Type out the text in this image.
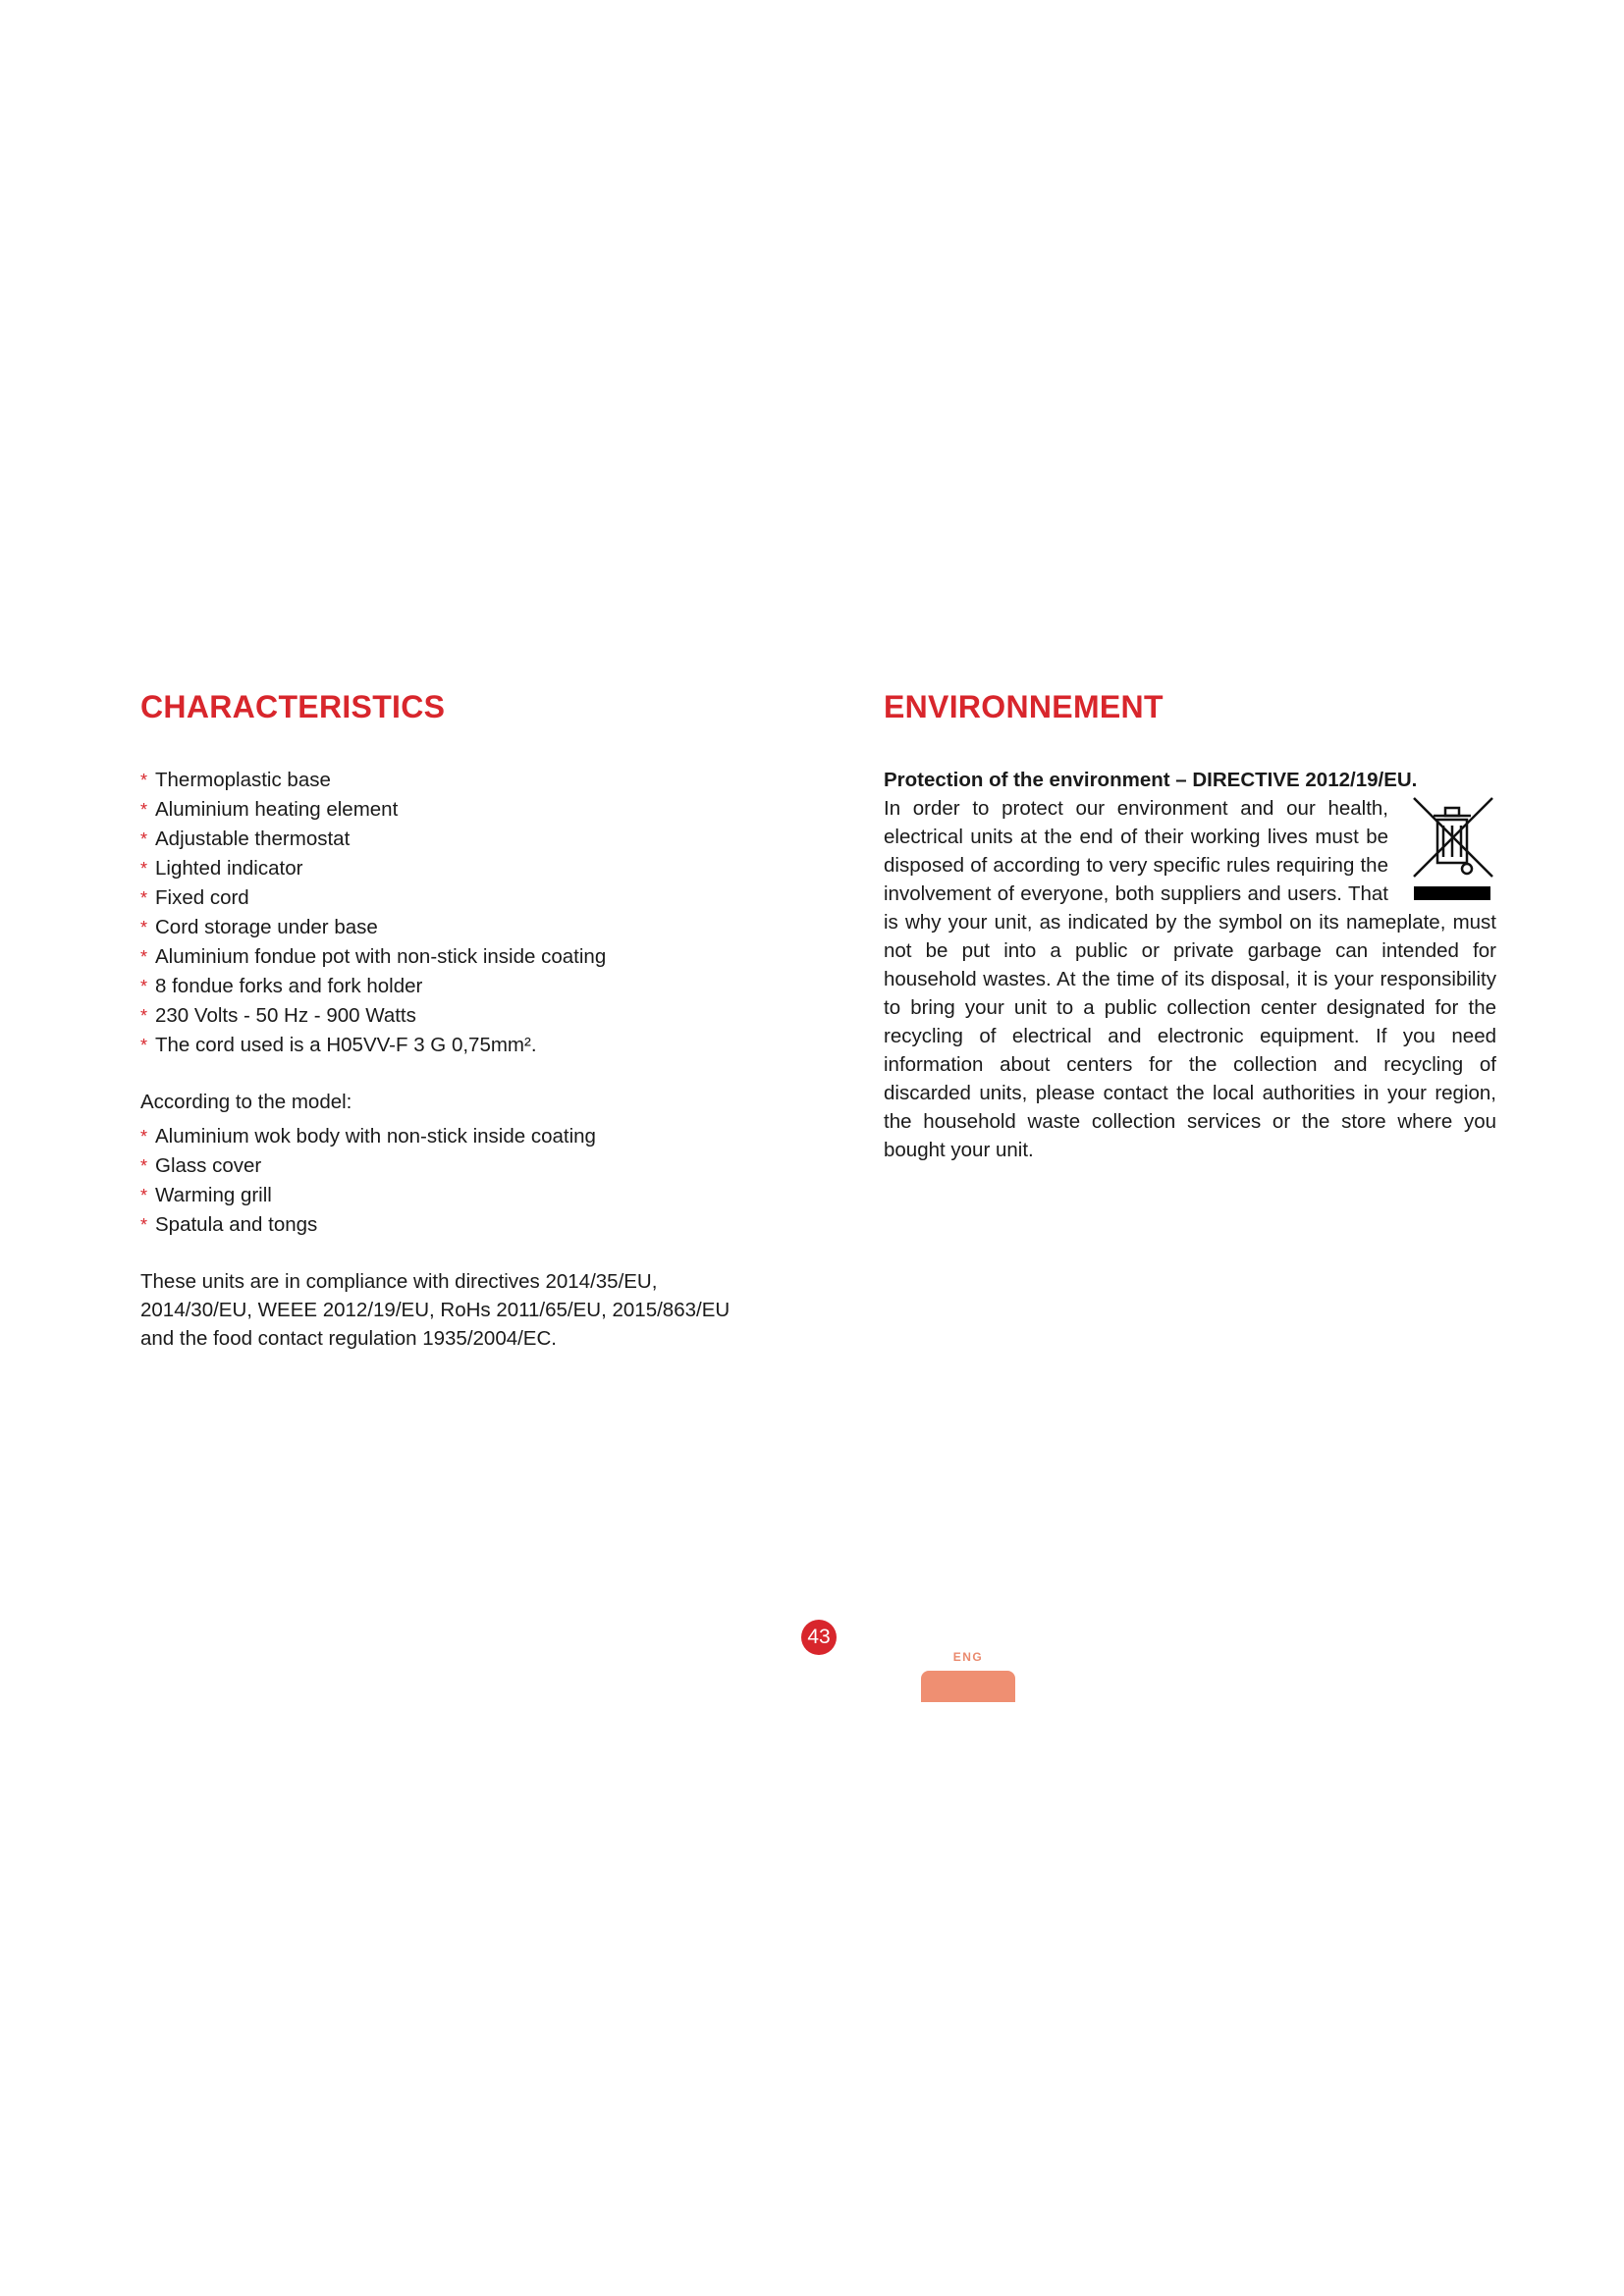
CHARACTERISTICS
* Thermoplastic base
* Aluminium heating element
* Adjustable thermostat
* Lighted indicator
* Fixed cord
* Cord storage under base
* Aluminium fondue pot with non-stick inside coating
* 8 fondue forks and fork holder
* 230 Volts - 50 Hz - 900 Watts
* The cord used is a H05VV-F 3 G 0,75mm².
According to the model:
* Aluminium wok body with non-stick inside coating
* Glass cover
* Warming grill
* Spatula and tongs

These units are in compliance with directives 2014/35/EU, 2014/30/EU, WEEE 2012/19/EU, RoHs 2011/65/EU, 2015/863/EU and the food contact regulation 1935/2004/EC.

ENVIRONNEMENT
Protection of the environment – DIRECTIVE 2012/19/EU.

In order to protect our environment and our health, electrical units at the end of their working lives must be disposed of according to very specific rules requiring the involvement of everyone, both suppliers and users. That is why your unit, as indicated by the symbol on its nameplate, must not be put into a public or private garbage can intended for household wastes. At the time of its disposal, it is your responsibility to bring your unit to a public collection center designated for the recycling of electrical and electronic equipment. If you need information about centers for the collection and recycling of discarded units, please contact the local authorities in your region, the household waste collection services or the store where you bought your unit.

43
ENG
